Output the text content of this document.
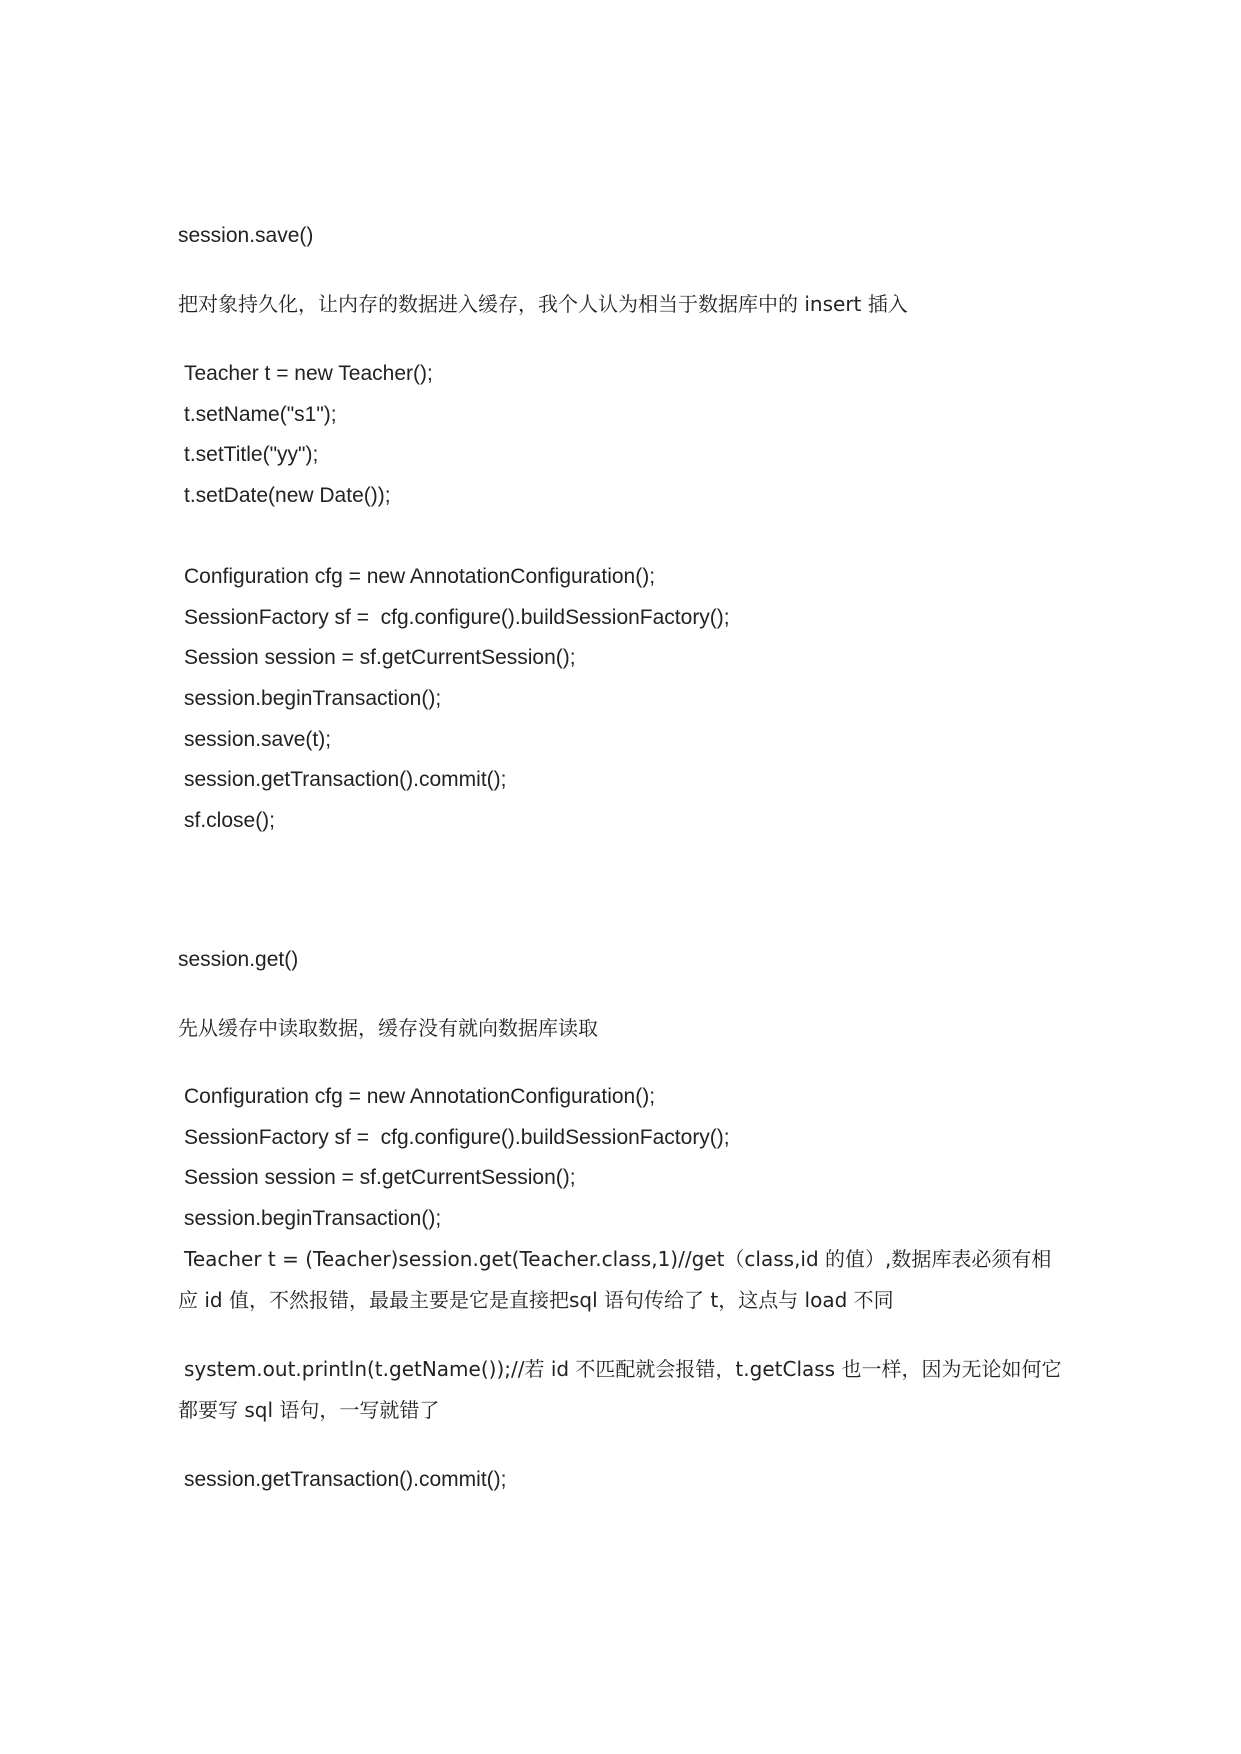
session.save()
把对象持久化，让内存的数据进入缓存，我个人认为相当于数据库中的 insert 插入
Teacher t = new Teacher();
t.setName("s1");
t.setTitle("yy");
t.setDate(new Date());
Configuration cfg = new AnnotationConfiguration();
SessionFactory sf =  cfg.configure().buildSessionFactory();
Session session = sf.getCurrentSession();
session.beginTransaction();
session.save(t);
session.getTransaction().commit();
sf.close();
session.get()
先从缓存中读取数据，缓存没有就向数据库读取
Configuration cfg = new AnnotationConfiguration();
SessionFactory sf =  cfg.configure().buildSessionFactory();
Session session = sf.getCurrentSession();
session.beginTransaction();
Teacher t = (Teacher)session.get(Teacher.class,1)//get（class,id 的值）,数据库表必须有相
应 id 值，不然报错，最最主要是它是直接把sql 语句传给了 t，这点与 load 不同
system.out.println(t.getName());//若 id 不匹配就会报错，t.getClass 也一样，因为无论如何它
都要写 sql 语句，一写就错了
session.getTransaction().commit();
